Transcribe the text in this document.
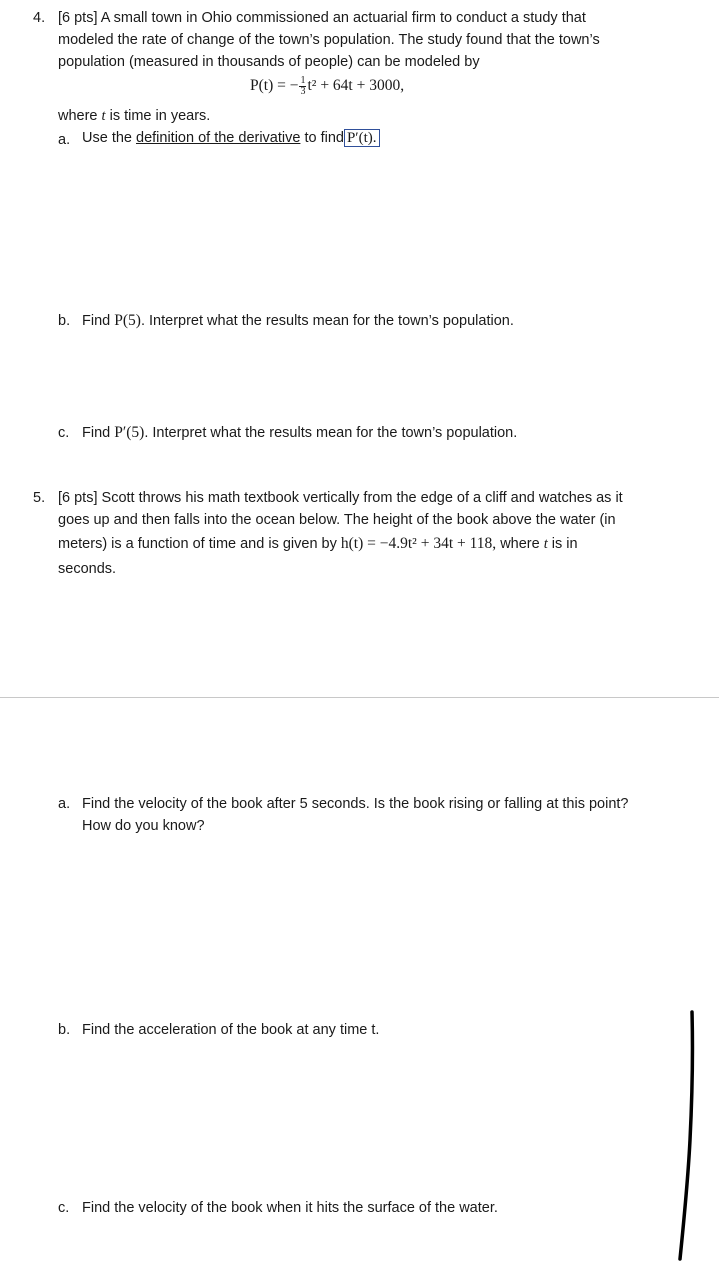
4. [6 pts] A small town in Ohio commissioned an actuarial firm to conduct a study that
modeled the rate of change of the town’s population. The study found that the town’s
population (measured in thousands of people) can be modeled by
P(t) = − $\frac{1}{3} t^2 + 64t + 3000$,
where t is time in years.
a. Use the definition of the derivative to find P′(t).
b. Find P(5). Interpret what the results mean for the town’s population.
c. Find P′(5). Interpret what the results mean for the town’s population.
5. [6 pts] Scott throws his math textbook vertically from the edge of a cliff and watches as it
goes up and then falls into the ocean below. The height of the book above the water (in
meters) is a function of time and is given by h(t) = −4.9t² + 34t + 118, where t is in
seconds.
a. Find the velocity of the book after 5 seconds. Is the book rising or falling at this point?
How do you know?
b. Find the acceleration of the book at any time t.
c. Find the velocity of the book when it hits the surface of the water.
